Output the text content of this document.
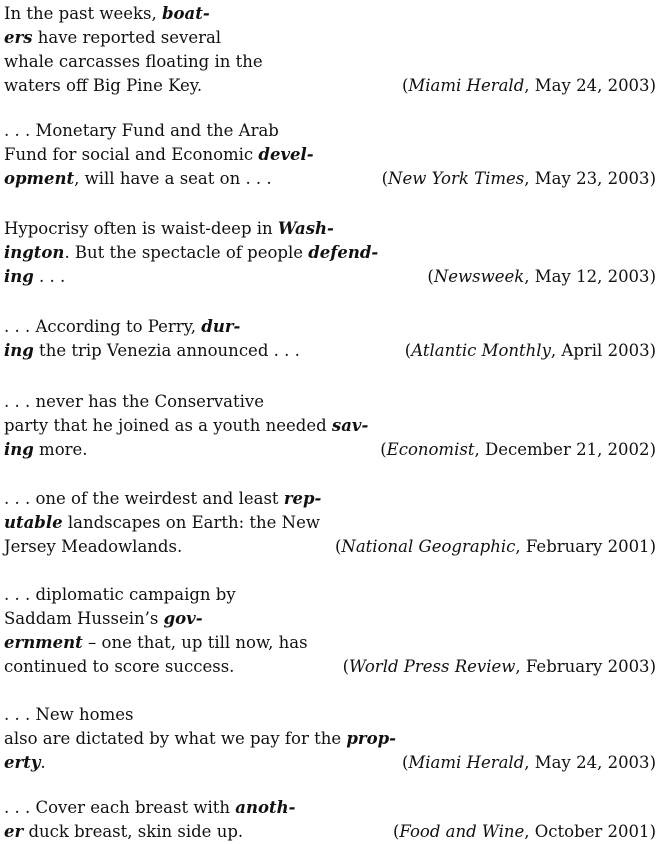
In the past weeks, boat-
ers have reported several
whale carcasses floating in the
waters off Big Pine Key.	(Miami Herald, May 24, 2003)
. . . Monetary Fund and the Arab
Fund for social and Economic devel-
opment, will have a seat on . . .	(New York Times, May 23, 2003)
Hypocrisy often is waist-deep in Wash-
ington. But the spectacle of people defend-
ing . . .	(Newsweek, May 12, 2003)
. . . According to Perry, dur-
ing the trip Venezia announced . . .	(Atlantic Monthly, April 2003)
. . . never has the Conservative
party that he joined as a youth needed sav-
ing more.	(Economist, December 21, 2002)
. . . one of the weirdest and least rep-
utable landscapes on Earth: the New
Jersey Meadowlands.	(National Geographic, February 2001)
. . . diplomatic campaign by
Saddam Hussein’s gov-
ernment – one that, up till now, has
continued to score success.	(World Press Review, February 2003)
. . . New homes
also are dictated by what we pay for the prop-
erty.	(Miami Herald, May 24, 2003)
. . . Cover each breast with anoth-
er duck breast, skin side up.	(Food and Wine, October 2001)
